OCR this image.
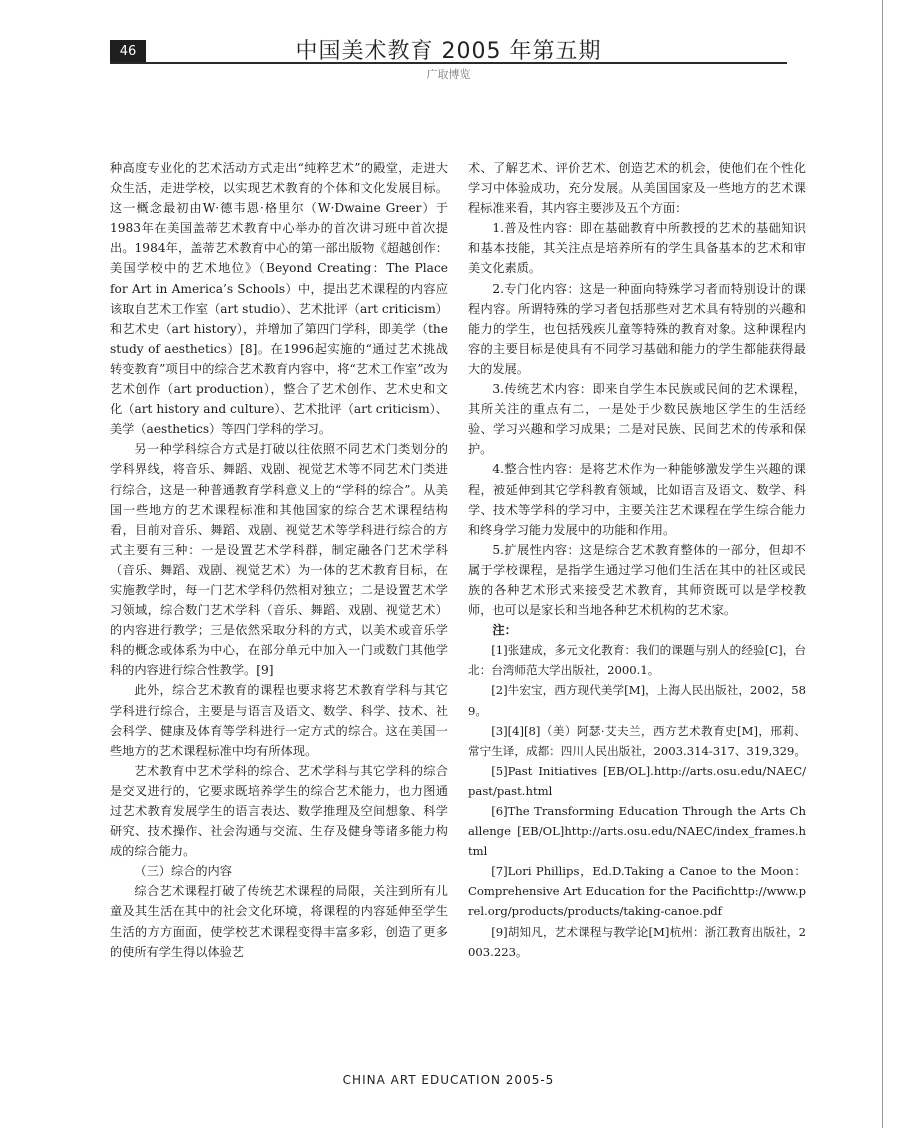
46	中国美术教育 2005 年第五期
广取博览

种高度专业化的艺术活动方式走出“纯粹艺术”的殿堂，走进大众生活，走进学校，以实现艺术教育的个体和文化发展目标。这一概念最初由W·德韦恩·格里尔（W·Dwaine Greer）于1983年在美国盖蒂艺术教育中心举办的首次讲习班中首次提出。1984年，盖蒂艺术教育中心的第一部出版物《超越创作：美国学校中的艺术地位》（Beyond Creating：The Place for Art in America’s Schools）中，提出艺术课程的内容应该取自艺术工作室（art studio）、艺术批评（art criticism）和艺术史（art history），并增加了第四门学科，即美学（the study of aesthetics）[8]。在1996起实施的“通过艺术挑战转变教育”项目中的综合艺术教育内容中，将“艺术工作室”改为艺术创作（art production），整合了艺术创作、艺术史和文化（art history and culture）、艺术批评（art criticism）、美学（aesthetics）等四门学科的学习。

另一种学科综合方式是打破以往依照不同艺术门类划分的学科界线，将音乐、舞蹈、戏剧、视觉艺术等不同艺术门类进行综合，这是一种普通教育学科意义上的“学科的综合”。从美国一些地方的艺术课程标准和其他国家的综合艺术课程结构看，目前对音乐、舞蹈、戏剧、视觉艺术等学科进行综合的方式主要有三种：一是设置艺术学科群，制定融各门艺术学科（音乐、舞蹈、戏剧、视觉艺术）为一体的艺术教育目标，在实施教学时，每一门艺术学科仍然相对独立；二是设置艺术学习领域，综合数门艺术学科（音乐、舞蹈、戏剧、视觉艺术）的内容进行教学；三是依然采取分科的方式，以美术或音乐学科的概念或体系为中心，在部分单元中加入一门或数门其他学科的内容进行综合性教学。[9]

此外，综合艺术教育的课程也要求将艺术教育学科与其它学科进行综合，主要是与语言及语文、数学、科学、技术、社会科学、健康及体育等学科进行一定方式的综合。这在美国一些地方的艺术课程标准中均有所体现。

艺术教育中艺术学科的综合、艺术学科与其它学科的综合是交叉进行的，它要求既培养学生的综合艺术能力，也力图通过艺术教育发展学生的语言表达、数学推理及空间想象、科学研究、技术操作、社会沟通与交流、生存及健身等诸多能力构成的综合能力。

（三）综合的内容

综合艺术课程打破了传统艺术课程的局限，关注到所有儿童及其生活在其中的社会文化环境，将课程的内容延伸至学生生活的方方面面，使学校艺术课程变得丰富多彩，创造了更多的使所有学生得以体验艺

术、了解艺术、评价艺术、创造艺术的机会，使他们在个性化学习中体验成功，充分发展。从美国国家及一些地方的艺术课程标准来看，其内容主要涉及五个方面：

1.普及性内容：即在基础教育中所教授的艺术的基础知识和基本技能，其关注点是培养所有的学生具备基本的艺术和审美文化素质。

2.专门化内容：这是一种面向特殊学习者而特别设计的课程内容。所谓特殊的学习者包括那些对艺术具有特别的兴趣和能力的学生，也包括残疾儿童等特殊的教育对象。这种课程内容的主要目标是使具有不同学习基础和能力的学生都能获得最大的发展。

3.传统艺术内容：即来自学生本民族或民间的艺术课程，其所关注的重点有二，一是处于少数民族地区学生的生活经验、学习兴趣和学习成果；二是对民族、民间艺术的传承和保护。

4.整合性内容：是将艺术作为一种能够激发学生兴趣的课程，被延伸到其它学科教育领域，比如语言及语文、数学、科学、技术等学科的学习中，主要关注艺术课程在学生综合能力和终身学习能力发展中的功能和作用。

5.扩展性内容：这是综合艺术教育整体的一部分，但却不属于学校课程，是指学生通过学习他们生活在其中的社区或民族的各种艺术形式来接受艺术教育，其师资既可以是学校教师，也可以是家长和当地各种艺术机构的艺术家。

注：

[1]张建成，多元文化教育：我们的课题与别人的经验[C]，台北：台湾师范大学出版社，2000.1。

[2]牛宏宝，西方现代美学[M]，上海人民出版社，2002，589。

[3][4][8]（美）阿瑟·艾夫兰，西方艺术教育史[M]，邢莉、常宁生译，成都：四川人民出版社，2003.314-317、319,329。

[5]Past Initiatives [EB/OL].http://arts.osu.edu/NAEC/past/past.html

[6]The Transforming Education Through the Arts Challenge [EB/OL]http://arts.osu.edu/NAEC/index_frames.html

[7]Lori Phillips，Ed.D.Taking a Canoe to the Moon：Comprehensive Art Education for the Pacifichttp://www.prel.org/products/products/taking-canoe.pdf

[9]胡知凡，艺术课程与教学论[M]杭州：浙江教育出版社，2003.223。

CHINA ART EDUCATION 2005-5
